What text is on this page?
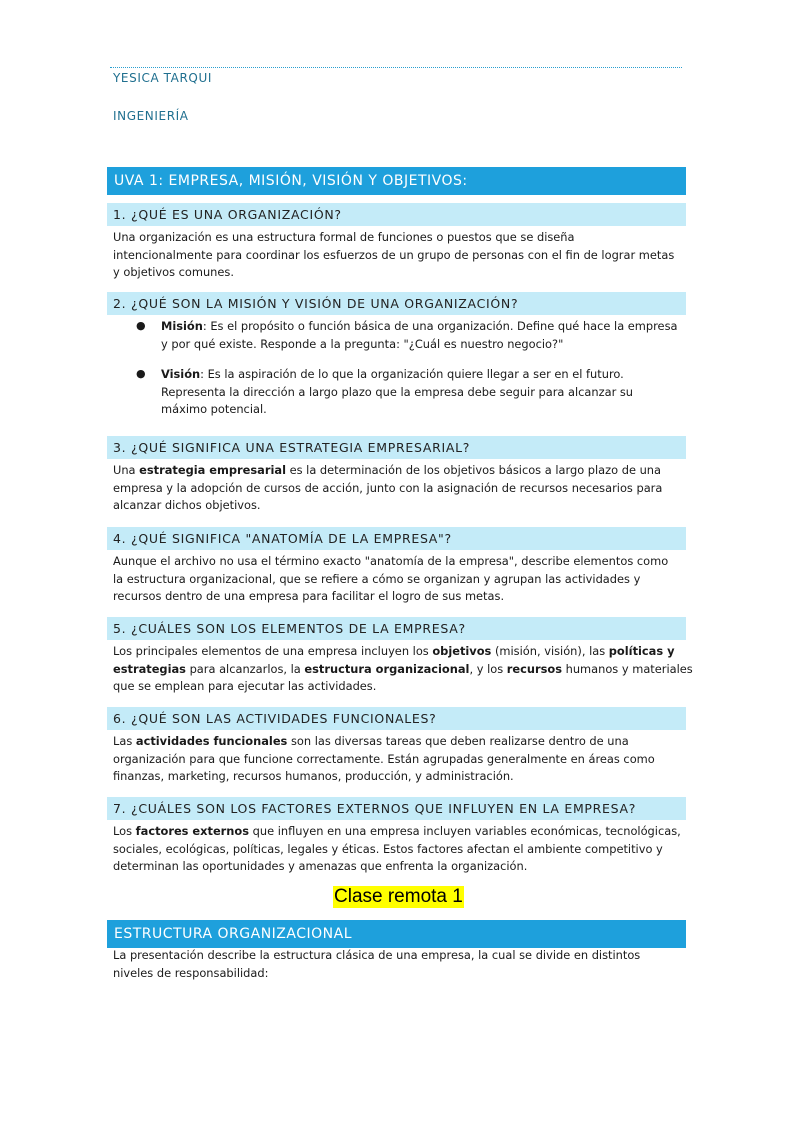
YESICA TARQUI
INGENIERÍA
UVA 1: EMPRESA, MISIÓN, VISIÓN Y OBJETIVOS:
1. ¿QUÉ ES UNA ORGANIZACIÓN?
Una organización es una estructura formal de funciones o puestos que se diseña
intencionalmente para coordinar los esfuerzos de un grupo de personas con el fin de lograr metas
y objetivos comunes.
2. ¿QUÉ SON LA MISIÓN Y VISIÓN DE UNA ORGANIZACIÓN?
● Misión: Es el propósito o función básica de una organización. Define qué hace la empresa
y por qué existe. Responde a la pregunta: "¿Cuál es nuestro negocio?"
● Visión: Es la aspiración de lo que la organización quiere llegar a ser en el futuro.
Representa la dirección a largo plazo que la empresa debe seguir para alcanzar su
máximo potencial.
3. ¿QUÉ SIGNIFICA UNA ESTRATEGIA EMPRESARIAL?
Una estrategia empresarial es la determinación de los objetivos básicos a largo plazo de una
empresa y la adopción de cursos de acción, junto con la asignación de recursos necesarios para
alcanzar dichos objetivos.
4. ¿QUÉ SIGNIFICA "ANATOMÍA DE LA EMPRESA"?
Aunque el archivo no usa el término exacto "anatomía de la empresa", describe elementos como
la estructura organizacional, que se refiere a cómo se organizan y agrupan las actividades y
recursos dentro de una empresa para facilitar el logro de sus metas.
5. ¿CUÁLES SON LOS ELEMENTOS DE LA EMPRESA?
Los principales elementos de una empresa incluyen los objetivos (misión, visión), las políticas y
estrategias para alcanzarlos, la estructura organizacional, y los recursos humanos y materiales
que se emplean para ejecutar las actividades.
6. ¿QUÉ SON LAS ACTIVIDADES FUNCIONALES?
Las actividades funcionales son las diversas tareas que deben realizarse dentro de una
organización para que funcione correctamente. Están agrupadas generalmente en áreas como
finanzas, marketing, recursos humanos, producción, y administración.
7. ¿CUÁLES SON LOS FACTORES EXTERNOS QUE INFLUYEN EN LA EMPRESA?
Los factores externos que influyen en una empresa incluyen variables económicas, tecnológicas,
sociales, ecológicas, políticas, legales y éticas. Estos factores afectan el ambiente competitivo y
determinan las oportunidades y amenazas que enfrenta la organización.
Clase remota 1
ESTRUCTURA ORGANIZACIONAL
La presentación describe la estructura clásica de una empresa, la cual se divide en distintos
niveles de responsabilidad:
